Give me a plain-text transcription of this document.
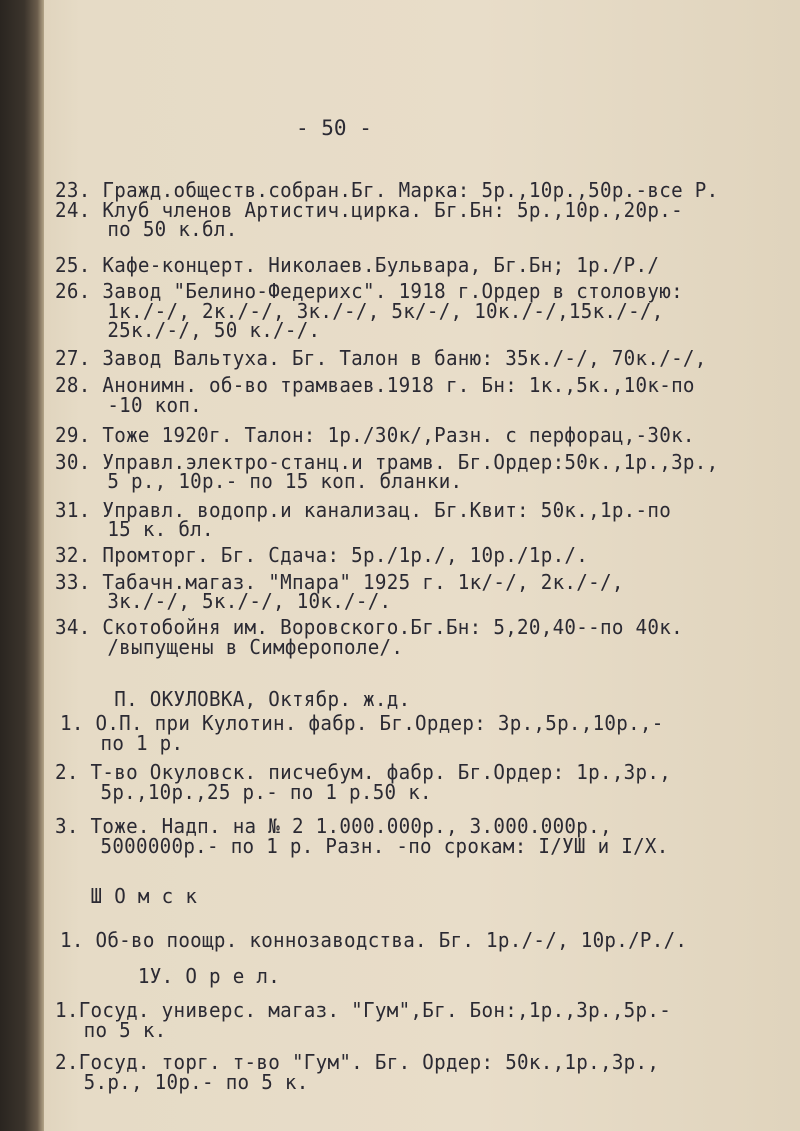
- 50 -
23. Гражд.обществ.собран.Бг. Марка: 5р.,10р.,50р.-все Р.
24. Клуб членов Артистич.цирка. Бг.Бн: 5р.,10р.,20р.-
по 50 к.бл.
25. Кафе-концерт. Николаев.Бульвара, Бг.Бн; 1р./Р./
26. Завод "Белино-Федерихс". 1918 г.Ордер в столовую:
1к./-/, 2к./-/, 3к./-/, 5к/-/, 10к./-/,15к./-/,
25к./-/, 50 к./-/.
27. Завод Вальтуха. Бг. Талон в баню: 35к./-/, 70к./-/,
28. Анонимн. об-во трамваев.1918 г. Бн: 1к.,5к.,10к-по
-10 коп.
29. Тоже 1920г. Талон: 1р./30к/,Разн. с перфорац,-30к.
30. Управл.электро-станц.и трамв. Бг.Ордер:50к.,1р.,3р.,
5 р., 10р.- по 15 коп. бланки.
31. Управл. водопр.и канализац. Бг.Квит: 50к.,1р.-по
15 к. бл.
32. Промторг. Бг. Сдача: 5р./1р./, 10р./1р./.
33. Табачн.магаз. "Мпара" 1925 г. 1к/-/, 2к./-/,
3к./-/, 5к./-/, 10к./-/.
34. Скотобойня им. Воровского.Бг.Бн: 5,20,40--по 40к.
/выпущены в Симферополе/.
П. ОКУЛОВКА, Октябр. ж.д.
1. О.П. при Кулотин. фабр. Бг.Ордер: 3р.,5р.,10р.,-
по 1 р.
2. Т-во Окуловск. писчебум. фабр. Бг.Ордер: 1р.,3р.,
5р.,10р.,25 р.- по 1 р.50 к.
3. Тоже. Надп. на № 2 1.000.000р., 3.000.000р.,
5000000р.- по 1 р. Разн. -по срокам: I/УШ и I/Х.
Ш О м с к
1. Об-во поощр. коннозаводства. Бг. 1р./-/, 10р./Р./.
1У. О р е л.
1.Госуд. универс. магаз. "Гум",Бг. Бон:,1р.,3р.,5р.-
по 5 к.
2.Госуд. торг. т-во "Гум". Бг. Ордер: 50к.,1р.,3р.,
5.р., 10р.- по 5 к.
